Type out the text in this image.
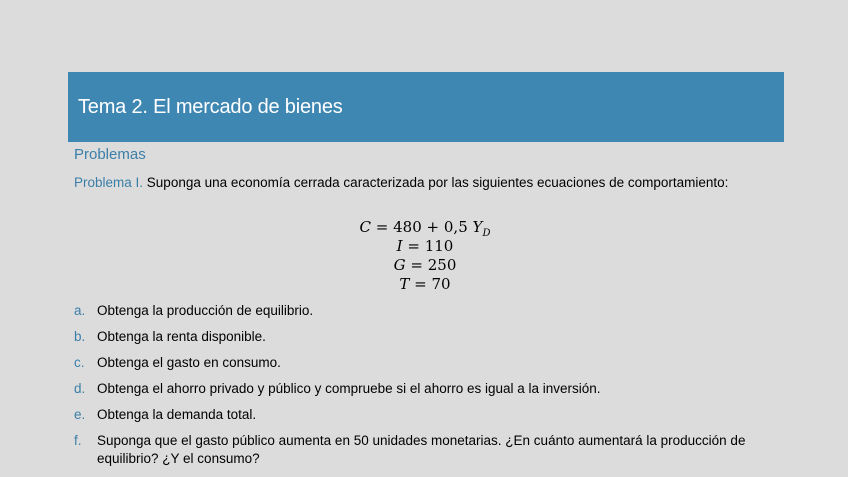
Tema 2. El mercado de bienes
Problemas
Problema I. Suponga una economía cerrada caracterizada por las siguientes ecuaciones de comportamiento:
C = 480 + 0,5 $Y_D$
I = 110
G = 250
T = 70
a. Obtenga la producción de equilibrio.
b. Obtenga la renta disponible.
c. Obtenga el gasto en consumo.
d. Obtenga el ahorro privado y público y compruebe si el ahorro es igual a la inversión.
e. Obtenga la demanda total.
f.	Suponga que el gasto público aumenta en 50 unidades monetarias. ¿En cuánto aumentará la producción de equilibrio? ¿Y el consumo?
